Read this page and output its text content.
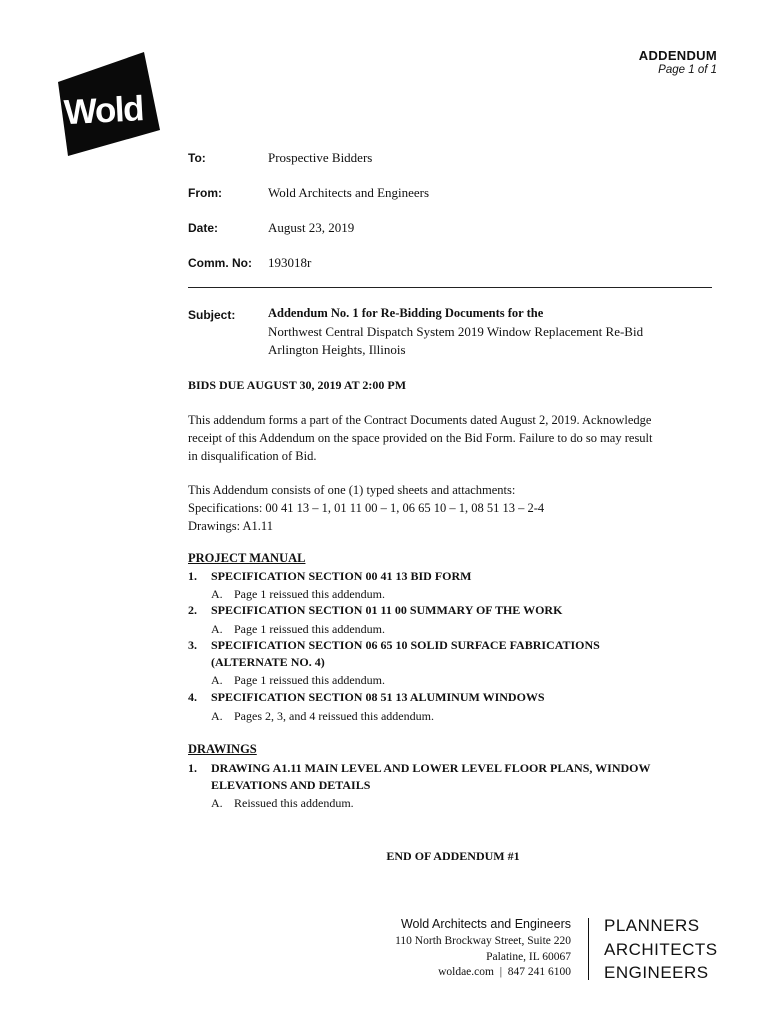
ADDENDUM
Page 1 of 1
Wold
To:	Prospective Bidders
From:	Wold Architects and Engineers
Date:	August 23, 2019
Comm. No: 193018r
Subject:	Addendum No. 1 for Re-Bidding Documents for the
Northwest Central Dispatch System 2019 Window Replacement Re-Bid
Arlington Heights, Illinois
BIDS DUE AUGUST 30, 2019 AT 2:00 PM
This addendum forms a part of the Contract Documents dated August 2, 2019. Acknowledge
receipt of this Addendum on the space provided on the Bid Form. Failure to do so may result
in disqualification of Bid.
This Addendum consists of one (1) typed sheets and attachments:
Specifications: 00 41 13 – 1, 01 11 00 – 1, 06 65 10 – 1, 08 51 13 – 2-4
Drawings: A1.11
PROJECT MANUAL
1. SPECIFICATION SECTION 00 41 13 BID FORM
A. Page 1 reissued this addendum.
2. SPECIFICATION SECTION 01 11 00 SUMMARY OF THE WORK
A. Page 1 reissued this addendum.
3. SPECIFICATION SECTION 06 65 10 SOLID SURFACE FABRICATIONS
(ALTERNATE NO. 4)
A. Page 1 reissued this addendum.
4. SPECIFICATION SECTION 08 51 13 ALUMINUM WINDOWS
A. Pages 2, 3, and 4 reissued this addendum.
DRAWINGS
1. DRAWING A1.11 MAIN LEVEL AND LOWER LEVEL FLOOR PLANS, WINDOW
ELEVATIONS AND DETAILS
A. Reissued this addendum.
END OF ADDENDUM #1
Wold Architects and Engineers
110 North Brockway Street, Suite 220
Palatine, IL 60067
woldae.com  |  847 241 6100
PLANNERS
ARCHITECTS
ENGINEERS
